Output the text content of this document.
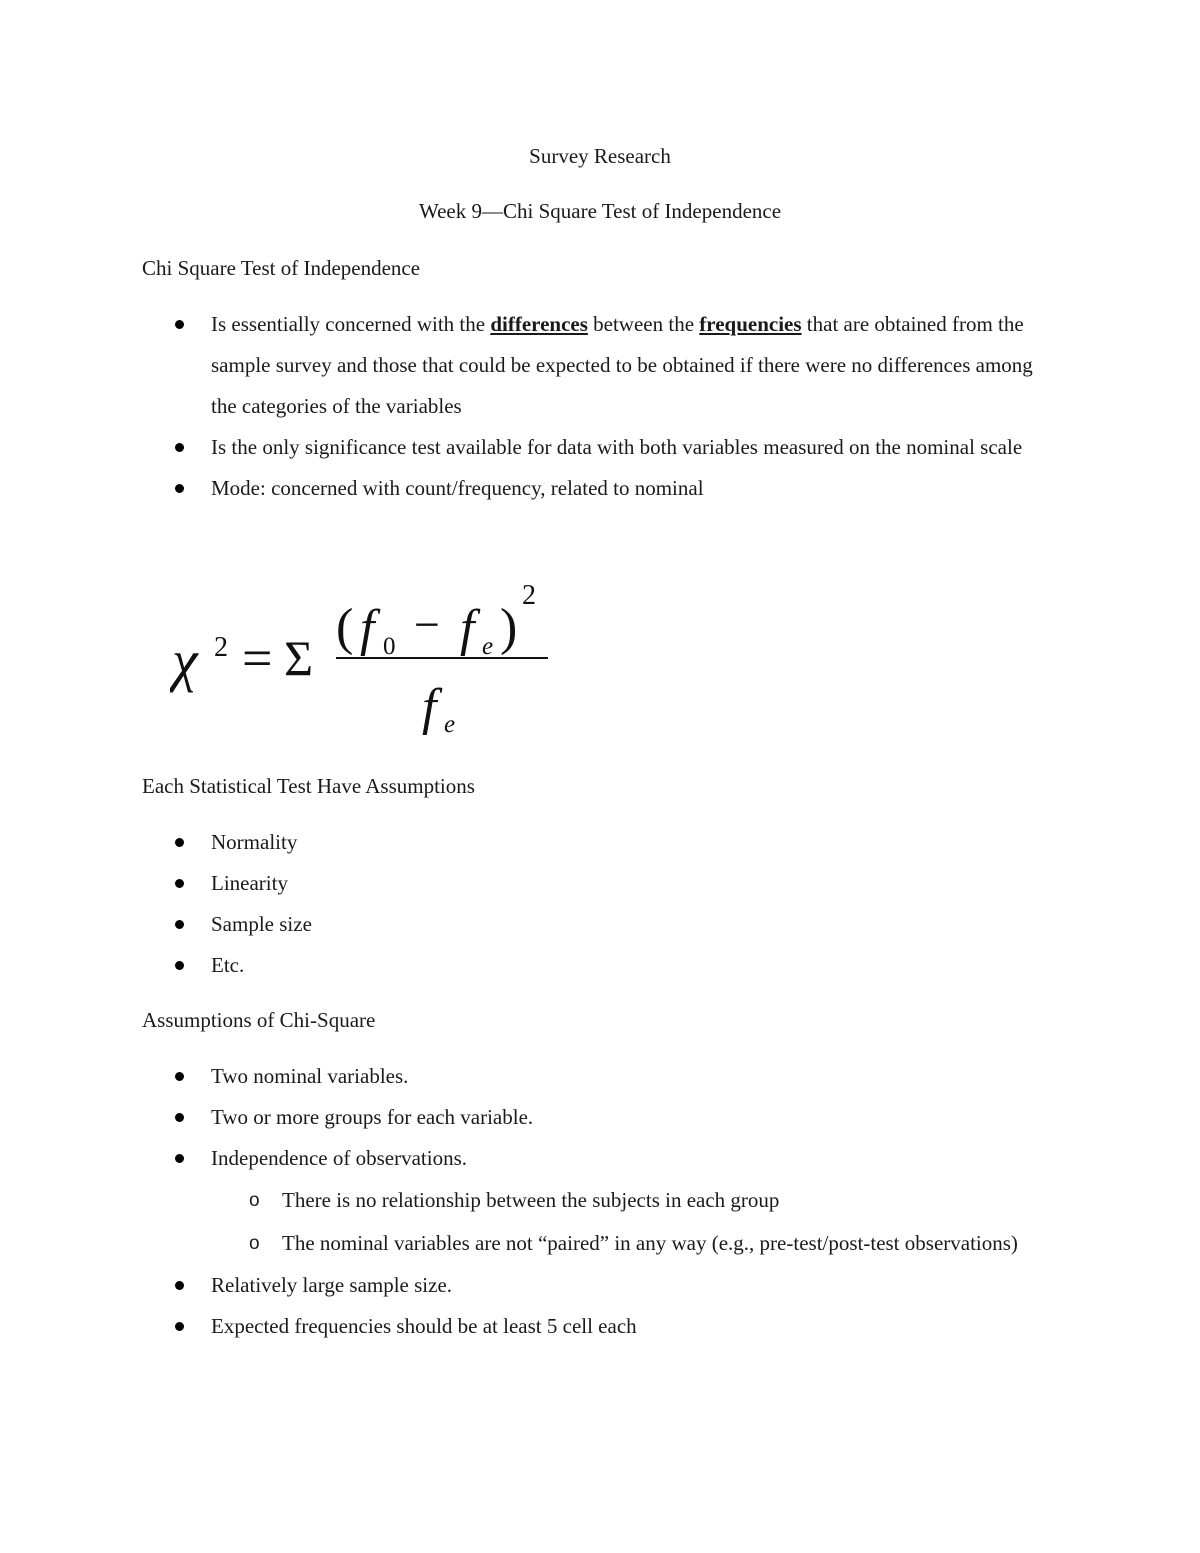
Survey Research
Week 9—Chi Square Test of Independence
Chi Square Test of Independence
Is essentially concerned with the differences between the frequencies that are obtained from the sample survey and those that could be expected to be obtained if there were no differences among the categories of the variables
Is the only significance test available for data with both variables measured on the nominal scale
Mode: concerned with count/frequency, related to nominal
χ 2 = Σ
( f 0 − f e )
2
f e
Each Statistical Test Have Assumptions
Normality
Linearity
Sample size
Etc.
Assumptions of Chi-Square
Two nominal variables.
Two or more groups for each variable.
Independence of observations.
o There is no relationship between the subjects in each group
o The nominal variables are not “paired” in any way (e.g., pre-test/post-test observations)
Relatively large sample size.
Expected frequencies should be at least 5 cell each
